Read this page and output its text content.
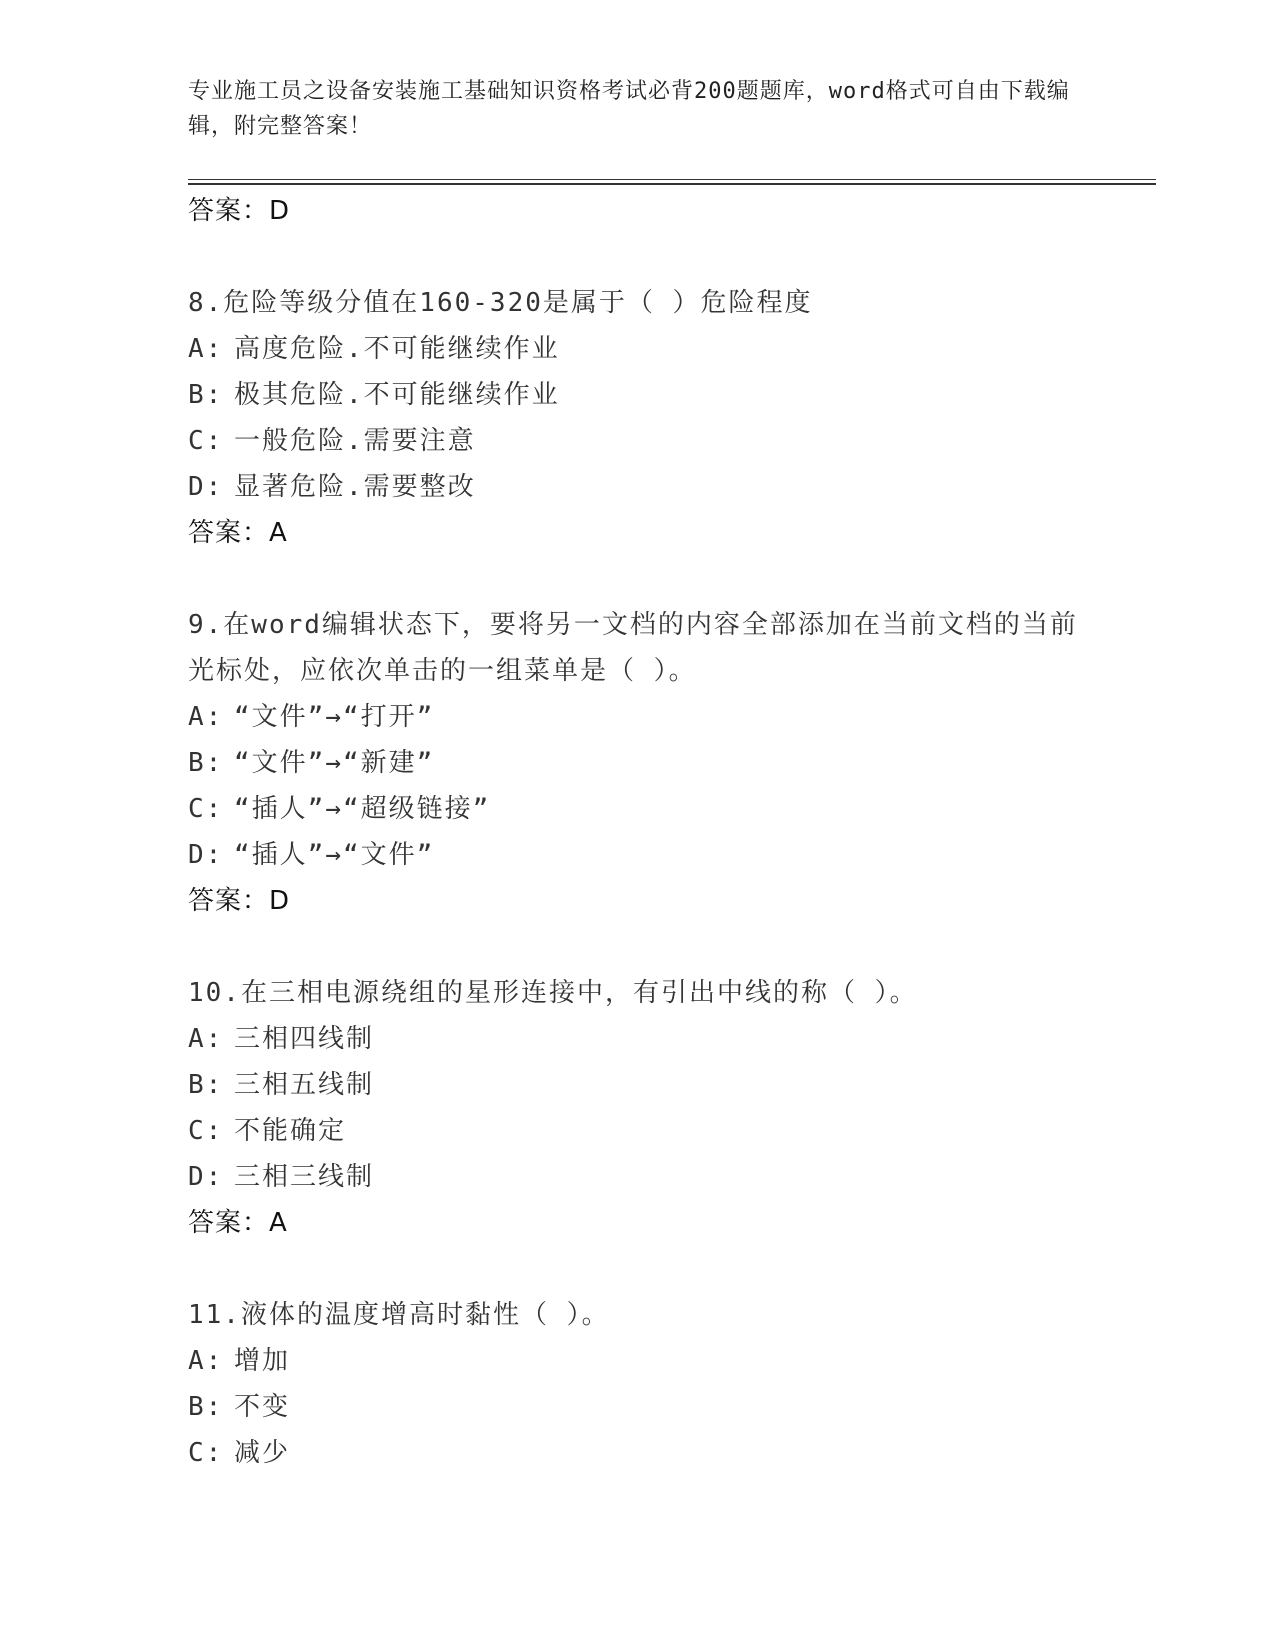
专业施工员之设备安装施工基础知识资格考试必背200题题库，word格式可自由下载编辑，附完整答案！
答案：D
8.危险等级分值在160-320是属于（ ）危险程度
A: 高度危险.不可能继续作业
B: 极其危险.不可能继续作业
C: 一般危险.需要注意
D: 显著危险.需要整改
答案：A
9.在word编辑状态下，要将另一文档的内容全部添加在当前文档的当前光标处，应依次单击的一组菜单是（ ）。
A: “文件”→“打开”
B: “文件”→“新建”
C: “插人”→“超级链接”
D: “插人”→“文件”
答案：D
10.在三相电源绕组的星形连接中，有引出中线的称（ ）。
A: 三相四线制
B: 三相五线制
C: 不能确定
D: 三相三线制
答案：A
11.液体的温度增高时黏性（ ）。
A: 增加
B: 不变
C: 减少
